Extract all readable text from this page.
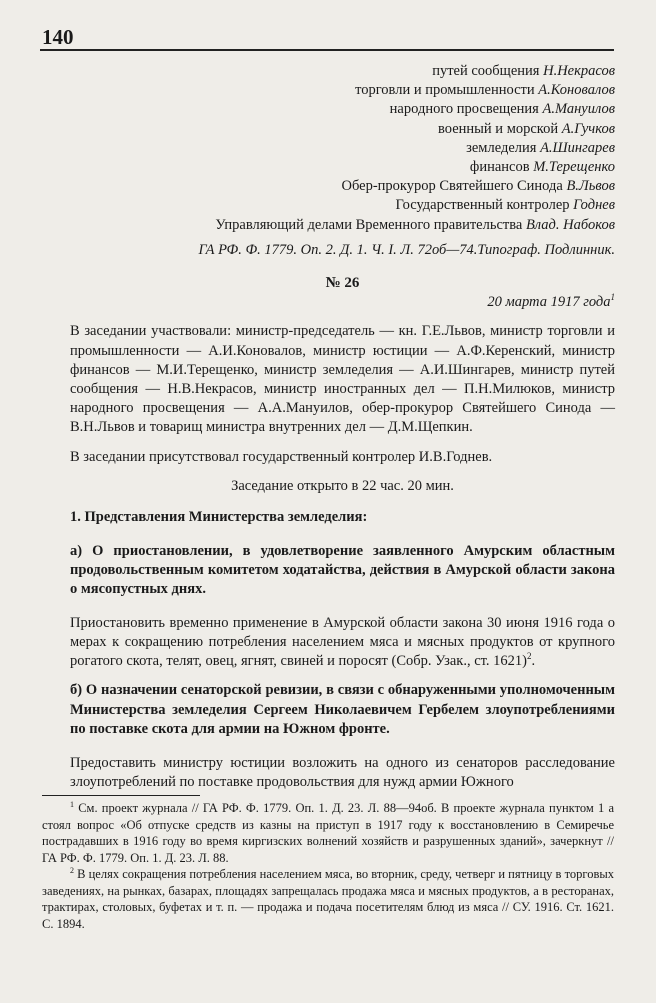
140
путей сообщения Н.Некрасов
торговли и промышленности А.Коновалов
народного просвещения А.Мануилов
военный и морской А.Гучков
земледелия А.Шингарев
финансов М.Терещенко
Обер-прокурор Святейшего Синода В.Львов
Государственный контролер Годнев
Управляющий делами Временного правительства Влад. Набоков
ГА РФ. Ф. 1779. Оп. 2. Д. 1. Ч. I. Л. 72об—74.Типограф. Подлинник.
№ 26
20 марта 1917 года$^1$

В заседании участвовали: министр-председатель — кн. Г.Е.Львов, министр торговли и промышленности — А.И.Коновалов, министр юстиции — А.Ф.Керенский, министр финансов — М.И.Терещенко, министр земледелия — А.И.Шингарев, министр путей сообщения — Н.В.Некрасов, министр иностранных дел — П.Н.Милюков, министр народного просвещения — А.А.Мануилов, обер-прокурор Святейшего Синода — В.Н.Львов и товарищ министра внутренних дел — Д.М.Щепкин.

В заседании присутствовал государственный контролер И.В.Годнев.

Заседание открыто в 22 час. 20 мин.

1. Представления Министерства земледелия:

а) О приостановлении, в удовлетворение заявленного Амурским областным продовольственным комитетом ходатайства, действия в Амурской области закона о мясопустных днях.

Приостановить временно применение в Амурской области закона 30 июня 1916 года о мерах к сокращению потребления населением мяса и мясных продуктов от крупного рогатого скота, телят, овец, ягнят, свиней и поросят (Собр. Узак., ст. 1621)$^2$.

б) О назначении сенаторской ревизии, в связи с обнаруженными уполномоченным Министерства земледелия Сергеем Николаевичем Гербелем злоупотреблениями по поставке скота для армии на Южном фронте.

Предоставить министру юстиции возложить на одного из сенаторов расследование злоупотреблений по поставке продовольствия для нужд армии Южного

$^1$ См. проект журнала // ГА РФ. Ф. 1779. Оп. 1. Д. 23. Л. 88—94об. В проекте журнала пунктом 1 а стоял вопрос «Об отпуске средств из казны на приступ в 1917 году к восстановлению в Семиречье пострадавших в 1916 году во время киргизских волнений хозяйств и разрушенных зданий», зачеркнут // ГА РФ. Ф. 1779. Оп. 1. Д. 23. Л. 88.

$^2$ В целях сокращения потребления населением мяса, во вторник, среду, четверг и пятницу в торговых заведениях, на рынках, базарах, площадях запрещалась продажа мяса и мясных продуктов, а в ресторанах, трактирах, столовых, буфетах и т. п. — продажа и подача посетителям блюд из мяса // СУ. 1916. Ст. 1621. С. 1894.
